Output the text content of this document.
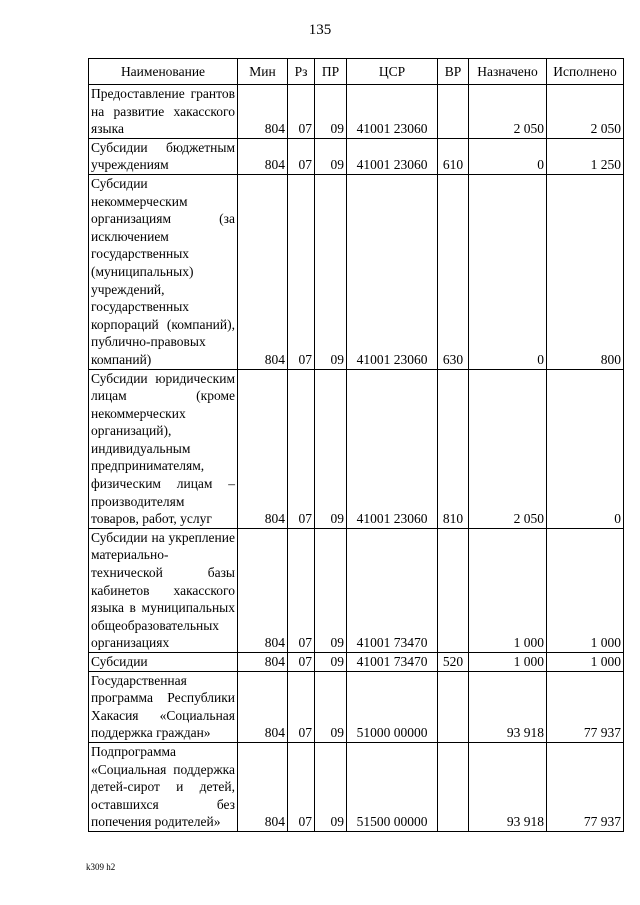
135
Наименование	Мин	Рз	ПР	ЦСР	ВР	Назначено	Исполнено
Предоставление грантов на развитие хакасского языка	804	07	09	41001 23060		2 050	2 050
Субсидии бюджетным учреждениям	804	07	09	41001 23060	610	0	1 250
Субсидии некоммерческим организациям (за исключением государственных (муниципальных) учреждений, государственных корпораций (компаний), публично-правовых компаний)	804	07	09	41001 23060	630	0	800
Субсидии юридическим лицам (кроме некоммерческих организаций), индивидуальным предпринимателям, физическим лицам – производителям товаров, работ, услуг	804	07	09	41001 23060	810	2 050	0
Субсидии на укрепление материально-технической базы кабинетов хакасского языка в муниципальных общеобразовательных организациях	804	07	09	41001 73470		1 000	1 000
Субсидии	804	07	09	41001 73470	520	1 000	1 000
Государственная программа Республики Хакасия «Социальная поддержка граждан»	804	07	09	51000 00000		93 918	77 937
Подпрограмма «Социальная поддержка детей-сирот и детей, оставшихся без попечения родителей»	804	07	09	51500 00000		93 918	77 937
k309 h2
